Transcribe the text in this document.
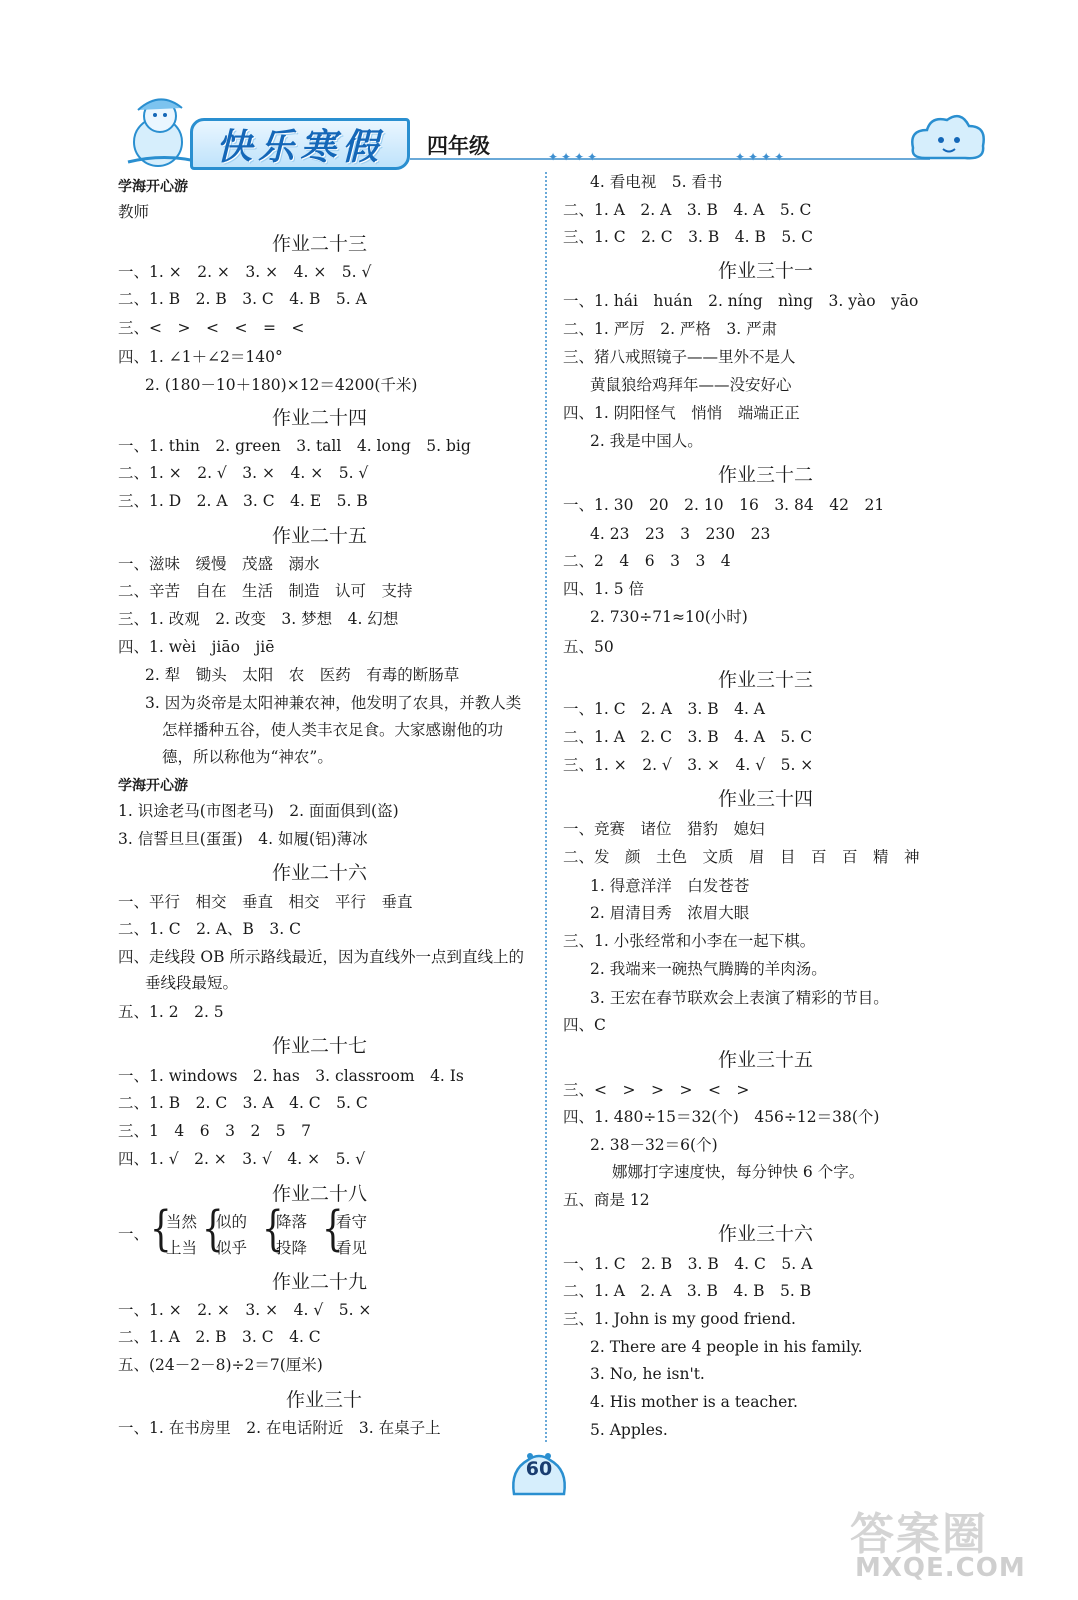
快乐寒假	四年级	✦✦✦✦	✦✦✦✦
学海开心游
教师
作业二十三
一、1. ×　2. ×　3. ×　4. ×　5. √
二、1. B　2. B　3. C　4. B　5. A
三、<　>　<　<　=　<
四、1. ∠1＋∠2＝140°
2. (180－10＋180)×12＝4200(千米)
作业二十四
一、1. thin　2. green　3. tall　4. long　5. big
二、1. ×　2. √　3. ×　4. ×　5. √
三、1. D　2. A　3. C　4. E　5. B
作业二十五
一、滋味　缓慢　茂盛　溺水
二、辛苦　自在　生活　制造　认可　支持
三、1. 改观　2. 改变　3. 梦想　4. 幻想
四、1. wèi　jiāo　jiē
2. 犁　锄头　太阳　农　医药　有毒的断肠草
3. 因为炎帝是太阳神兼农神，他发明了农具，并教人类
怎样播种五谷，使人类丰衣足食。大家感谢他的功
德，所以称他为“神农”。
学海开心游
1. 识途老马(市图老马)　2. 面面俱到(盗)
3. 信誓旦旦(蛋蛋)　4. 如履(铝)薄冰
作业二十六
一、平行　相交　垂直　相交　平行　垂直
二、1. C　2. A、B　3. C
四、走线段 OB 所示路线最近，因为直线外一点到直线上的
垂线段最短。
五、1. 2　2. 5
作业二十七
一、1. windows　2. has　3. classroom　4. Is
二、1. B　2. C　3. A　4. C　5. C
三、1　4　6　3　2　5　7
四、1. √　2. ×　3. √　4. ×　5. √
作业二十八
一、 {
当然
上当 {
似的
似乎 {
降落
投降 {
看守
看见
作业二十九
一、1. ×　2. ×　3. ×　4. √　5. ×
二、1. A　2. B　3. C　4. C
五、(24－2－8)÷2＝7(厘米)
作业三十
一、1. 在书房里　2. 在电话附近　3. 在桌子上
4. 看电视　5. 看书
二、1. A　2. A　3. B　4. A　5. C
三、1. C　2. C　3. B　4. B　5. C
作业三十一
一、1. hái　huán　2. níng　nìng　3. yào　yāo
二、1. 严厉　2. 严格　3. 严肃
三、猪八戒照镜子——里外不是人
黄鼠狼给鸡拜年——没安好心
四、1. 阴阳怪气　悄悄　端端正正
2. 我是中国人。
作业三十二
一、1. 30　20　2. 10　16　3. 84　42　21
4. 23　23　3　230　23
二、2　4　6　3　3　4
四、1. 5 倍
2. 730÷71≈10(小时)
五、50
作业三十三
一、1. C　2. A　3. B　4. A
二、1. A　2. C　3. B　4. A　5. C
三、1. ×　2. √　3. ×　4. √　5. ×
作业三十四
一、竞赛　诸位　猎豹　媳妇
二、发　颜　土色　文质　眉　目　百　百　精　神
1. 得意洋洋　白发苍苍
2. 眉清目秀　浓眉大眼
三、1. 小张经常和小李在一起下棋。
2. 我端来一碗热气腾腾的羊肉汤。
3. 王宏在春节联欢会上表演了精彩的节目。
四、C
作业三十五
三、<　>　>　>　<　>
四、1. 480÷15＝32(个)　456÷12＝38(个)
2. 38－32＝6(个)
娜娜打字速度快，每分钟快 6 个字。
五、商是 12
作业三十六
一、1. C　2. B　3. B　4. C　5. A
二、1. A　2. A　3. B　4. B　5. B
三、1. John is my good friend.
2. There are 4 people in his family.
3. No, he isn't.
4. His mother is a teacher.
5. Apples.
60
答案圈
MXQE.COM
